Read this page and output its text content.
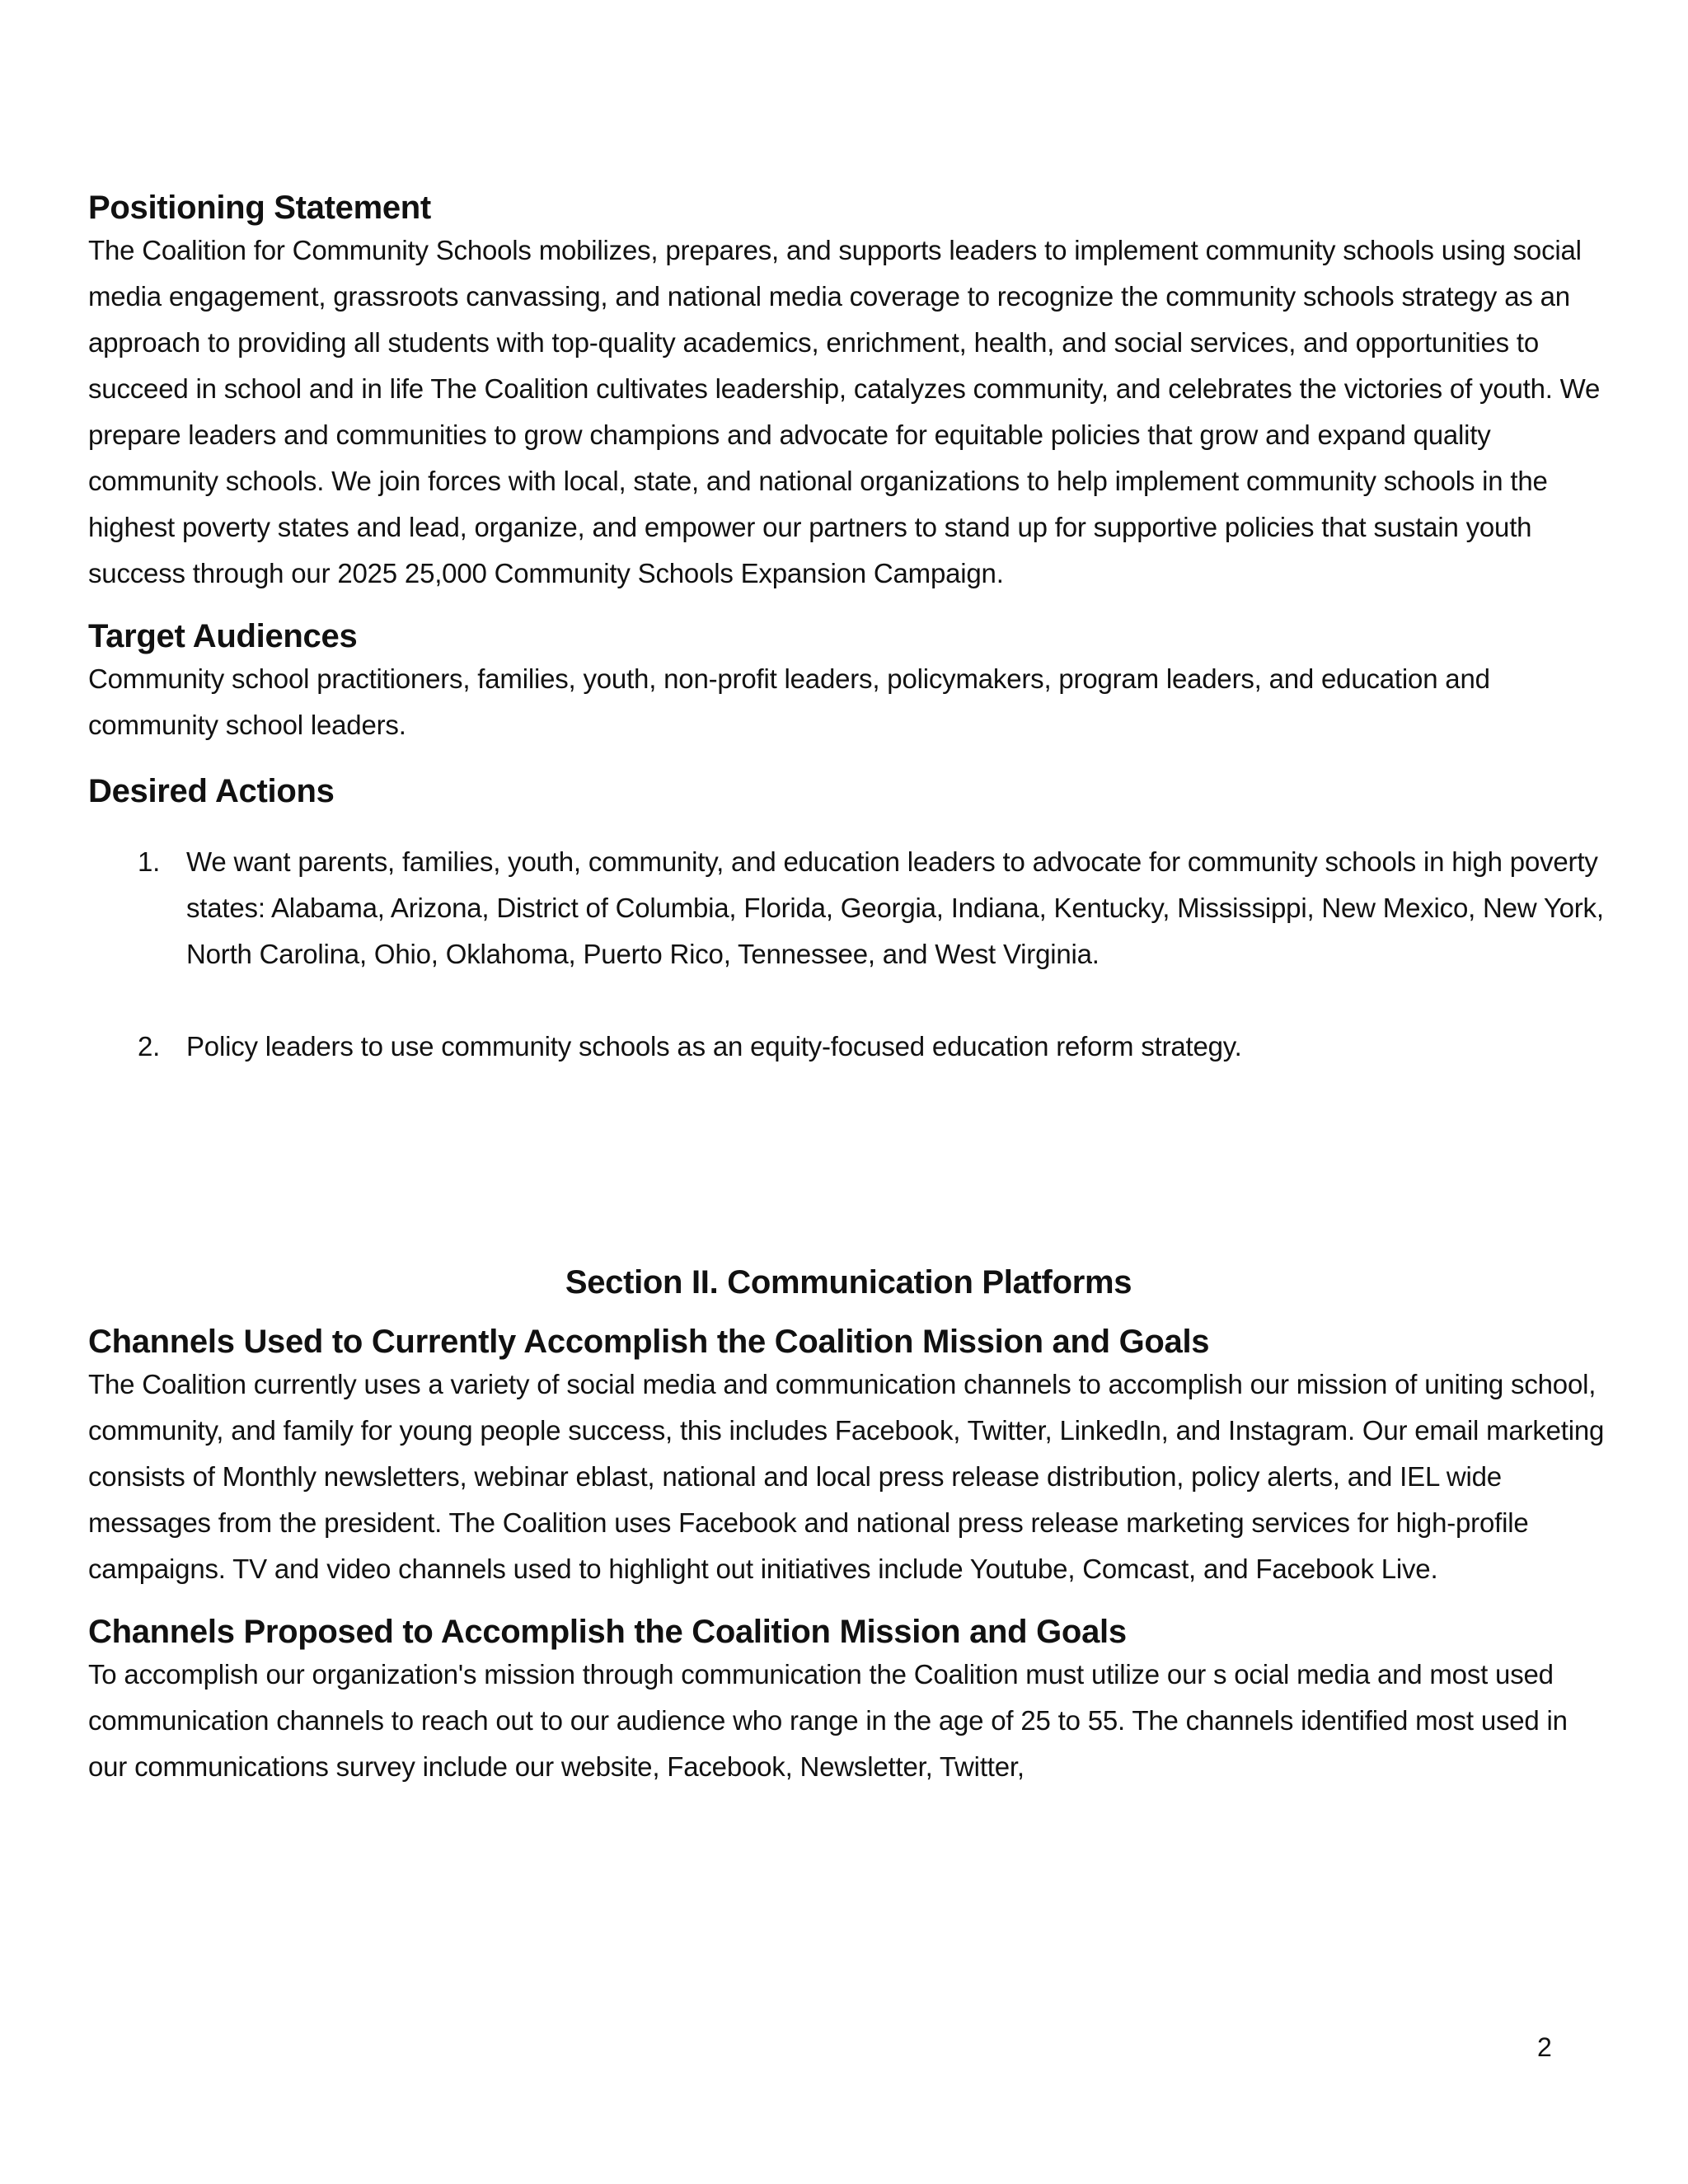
Positioning Statement

The Coalition for Community Schools mobilizes, prepares, and supports leaders to implement community schools using social media engagement, grassroots canvassing, and national media coverage to recognize the community schools strategy as an approach to providing all students with top-quality academics, enrichment, health, and social services, and opportunities to succeed in school and in life The Coalition cultivates leadership, catalyzes community, and celebrates the victories of youth. We prepare leaders and communities to grow champions and advocate for equitable policies that grow and expand quality community schools. We join forces with local, state, and national organizations to help implement community schools in the highest poverty states and lead, organize, and empower our partners to stand up for supportive policies that sustain youth success through our 2025 25,000 Community Schools Expansion Campaign.

Target Audiences

Community school practitioners, families, youth, non-profit leaders, policymakers, program leaders, and education and community school leaders.

Desired Actions
1. We want parents, families, youth, community, and education leaders to advocate for community schools in high poverty states: Alabama, Arizona, District of Columbia, Florida, Georgia, Indiana, Kentucky, Mississippi, New Mexico, New York, North Carolina, Ohio, Oklahoma, Puerto Rico, Tennessee, and West Virginia.
2. Policy leaders to use community schools as an equity-focused education reform strategy.
Section II. Communication Platforms
Channels Used to Currently Accomplish the Coalition Mission and Goals

The Coalition currently uses a variety of social media and communication channels to accomplish our mission of uniting school, community, and family for young people success, this includes Facebook, Twitter, LinkedIn, and Instagram. Our email marketing consists of Monthly newsletters, webinar eblast, national and local press release distribution, policy alerts, and IEL wide messages from the president. The Coalition uses Facebook and national press release marketing services for high-profile campaigns. TV and video channels used to highlight out initiatives include Youtube, Comcast, and Facebook Live.

Channels Proposed to Accomplish the Coalition Mission and Goals

To accomplish our organization's mission through communication the Coalition must utilize our s ocial media and most used communication channels to reach out to our audience who range in the age of 25 to 55. The channels identified most used in our communications survey include our website, Facebook, Newsletter, Twitter,

2
